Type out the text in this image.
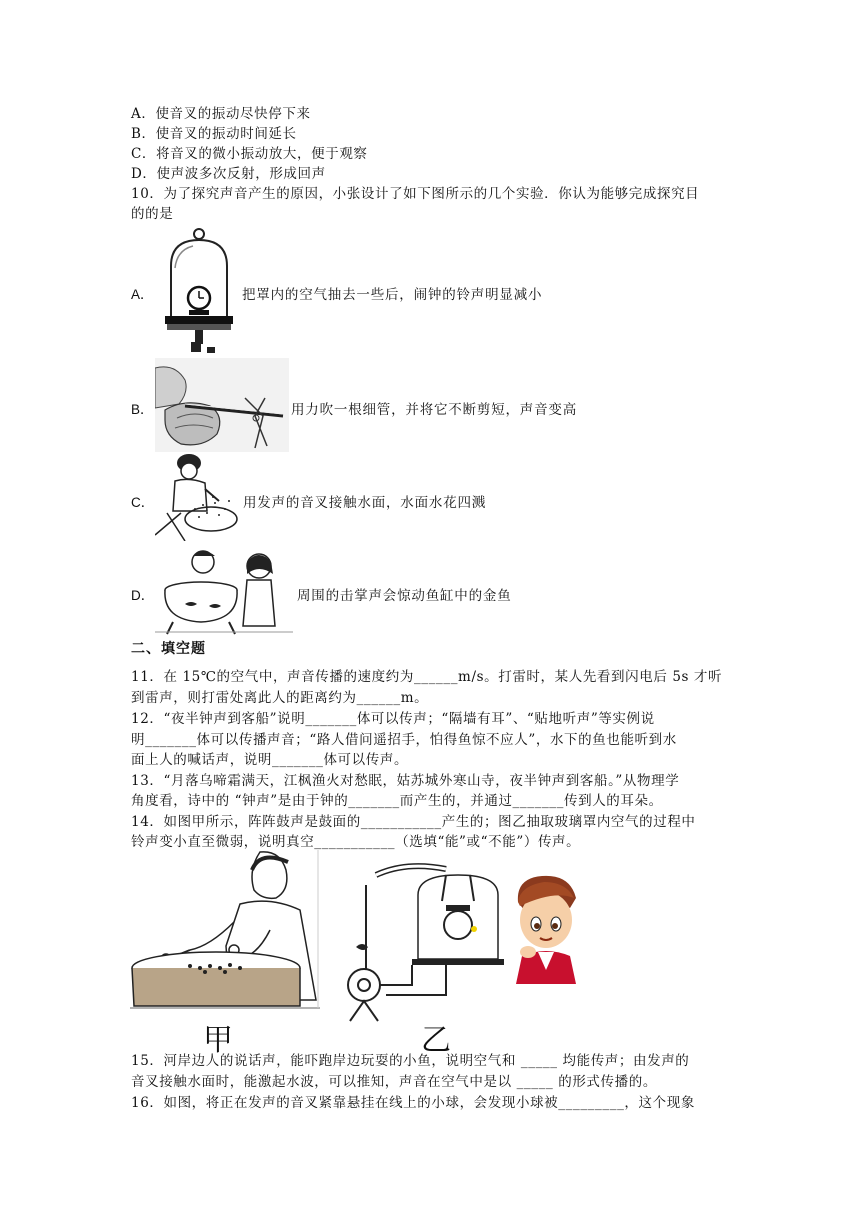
A．使音叉的振动尽快停下来
B．使音叉的振动时间延长
C．将音叉的微小振动放大，便于观察
D．使声波多次反射，形成回声
10．为了探究声音产生的原因，小张设计了如下图所示的几个实验．你认为能够完成探究目
的的是
A．	把罩内的空气抽去一些后，闹钟的铃声明显减小
B．	用力吹一根细管，并将它不断剪短，声音变高
C．	用发声的音叉接触水面，水面水花四溅
D．	周围的击掌声会惊动鱼缸中的金鱼
二、填空题
11．在 15℃的空气中，声音传播的速度约为______m/s。打雷时，某人先看到闪电后 5s 才听
到雷声，则打雷处离此人的距离约为______m。
12．“夜半钟声到客船”说明_______体可以传声；“隔墙有耳”、“贴地听声”等实例说
明_______体可以传播声音；“路人借问遥招手，怕得鱼惊不应人”，水下的鱼也能听到水
面上人的喊话声，说明_______体可以传声。
13．“月落乌啼霜满天，江枫渔火对愁眠，姑苏城外寒山寺，夜半钟声到客船。”从物理学
角度看，诗中的 “钟声”是由于钟的_______而产生的，并通过_______传到人的耳朵。
14．如图甲所示，阵阵鼓声是鼓面的___________产生的；图乙抽取玻璃罩内空气的过程中
铃声变小直至微弱，说明真空___________（选填“能”或“不能”）传声。
甲	乙
15．河岸边人的说话声，能吓跑岸边玩耍的小鱼，说明空气和 _____ 均能传声；由发声的
音叉接触水面时，能激起水波，可以推知，声音在空气中是以 _____ 的形式传播的。
16．如图，将正在发声的音叉紧靠悬挂在线上的小球，会发现小球被_________，这个现象
